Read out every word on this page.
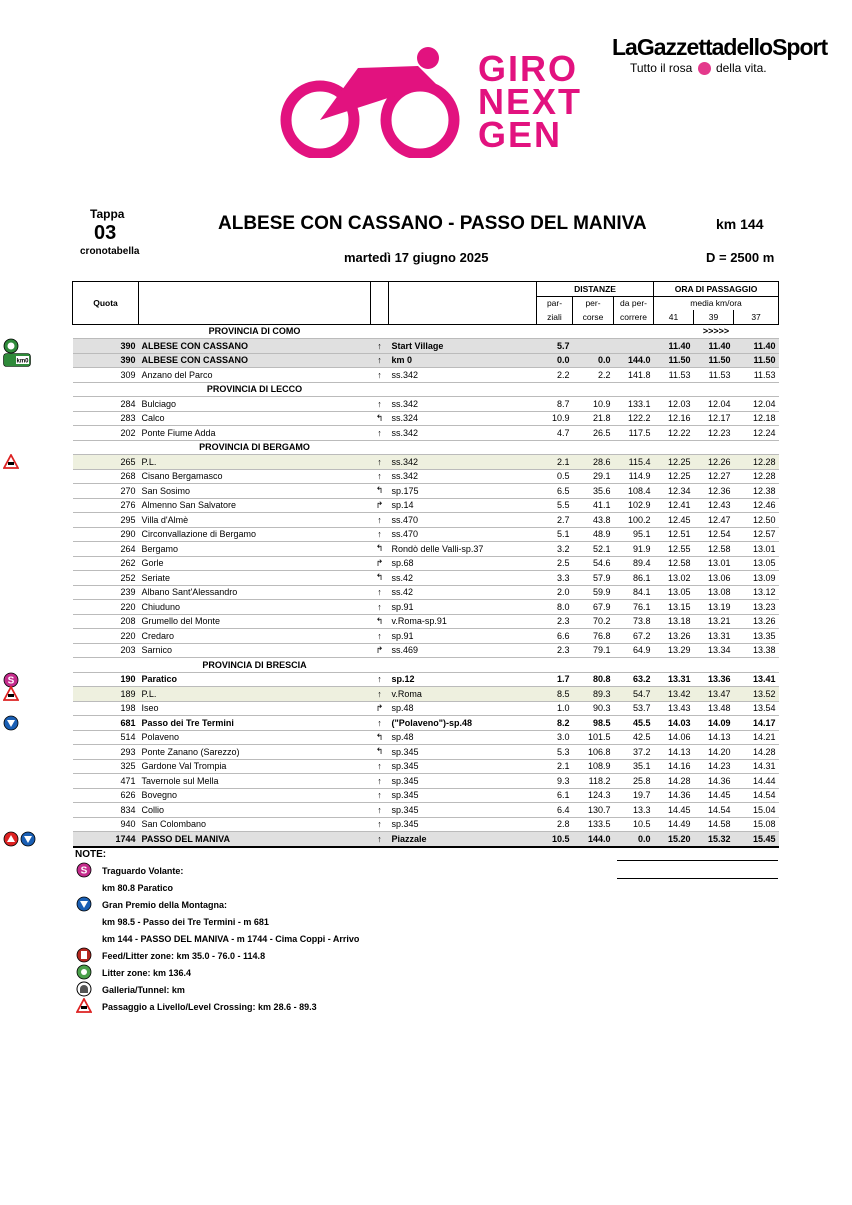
LaGazzettadelloSport
Tutto il rosa della vita.
GIRO
NEXT
GEN
Tappa
03
cronotabella
ALBESE CON CASSANO - PASSO DEL MANIVA	km 144
martedì 17 giugno 2025	D = 2500 m
				DISTANZE			ORA DI PASSAGGIO		
Quota				par-	per-	da per-	media km/ora		
				ziali	corse	correre	41	39	37
	PROVINCIA DI COMO						>>>>>		

390	ALBESE CON CASSANO	↑	Start Village	5.7			11.40	11.40	11.40

km0 390	ALBESE CON CASSANO	↑	km 0	0.0	0.0	144.0	11.50	11.50	11.50
309	Anzano del Parco	↑	ss.342	2.2	2.2	141.8	11.53	11.53	11.53
	PROVINCIA DI LECCO								
284	Bulciago	↑	ss.342	8.7	10.9	133.1	12.03	12.04	12.04
283	Calco	↰	ss.324	10.9	21.8	122.2	12.16	12.17	12.18
202	Ponte Fiume Adda	↑	ss.342	4.7	26.5	117.5	12.22	12.23	12.24
	PROVINCIA DI BERGAMO								

265	P.L.	↑	ss.342	2.1	28.6	115.4	12.25	12.26	12.28
268	Cisano Bergamasco	↑	ss.342	0.5	29.1	114.9	12.25	12.27	12.28
270	San Sosimo	↰	sp.175	6.5	35.6	108.4	12.34	12.36	12.38
276	Almenno San Salvatore	↱	sp.14	5.5	41.1	102.9	12.41	12.43	12.46
295	Villa d'Almè	↑	ss.470	2.7	43.8	100.2	12.45	12.47	12.50
290	Circonvallazione di Bergamo	↑	ss.470	5.1	48.9	95.1	12.51	12.54	12.57
264	Bergamo	↰	Rondò delle Valli-sp.37	3.2	52.1	91.9	12.55	12.58	13.01
262	Gorle	↱	sp.68	2.5	54.6	89.4	12.58	13.01	13.05
252	Seriate	↰	ss.42	3.3	57.9	86.1	13.02	13.06	13.09
239	Albano Sant'Alessandro	↑	ss.42	2.0	59.9	84.1	13.05	13.08	13.12
220	Chiuduno	↑	sp.91	8.0	67.9	76.1	13.15	13.19	13.23
208	Grumello del Monte	↰	v.Roma-sp.91	2.3	70.2	73.8	13.18	13.21	13.26
220	Credaro	↑	sp.91	6.6	76.8	67.2	13.26	13.31	13.35
203	Sarnico	↱	ss.469	2.3	79.1	64.9	13.29	13.34	13.38
	PROVINCIA DI BRESCIA								

S 190	Paratico	↑	sp.12	1.7	80.8	63.2	13.31	13.36	13.41

189	P.L.	↑	v.Roma	8.5	89.3	54.7	13.42	13.47	13.52
198	Iseo	↱	sp.48	1.0	90.3	53.7	13.43	13.48	13.54

681	Passo dei Tre Termini	↑	("Polaveno")-sp.48	8.2	98.5	45.5	14.03	14.09	14.17
514	Polaveno	↰	sp.48	3.0	101.5	42.5	14.06	14.13	14.21
293	Ponte Zanano (Sarezzo)	↰	sp.345	5.3	106.8	37.2	14.13	14.20	14.28
325	Gardone Val Trompia	↑	sp.345	2.1	108.9	35.1	14.16	14.23	14.31
471	Tavernole sul Mella	↑	sp.345	9.3	118.2	25.8	14.28	14.36	14.44
626	Bovegno	↑	sp.345	6.1	124.3	19.7	14.36	14.45	14.54
834	Collio	↑	sp.345	6.4	130.7	13.3	14.45	14.54	15.04
940	San Colombano	↑	sp.345	2.8	133.5	10.5	14.49	14.58	15.08

1744	PASSO DEL MANIVA	↑	Piazzale	10.5	144.0	0.0	15.20	15.32	15.45
NOTE:
S Traguardo Volante:
km 80.8 Paratico
Gran Premio della Montagna:
km 98.5 - Passo dei Tre Termini - m 681
km 144 - PASSO DEL MANIVA - m 1744 - Cima Coppi - Arrivo
Feed/Litter zone: km 35.0 - 76.0 - 114.8
Litter zone: km 136.4
Galleria/Tunnel: km
Passaggio a Livello/Level Crossing: km 28.6 - 89.3
